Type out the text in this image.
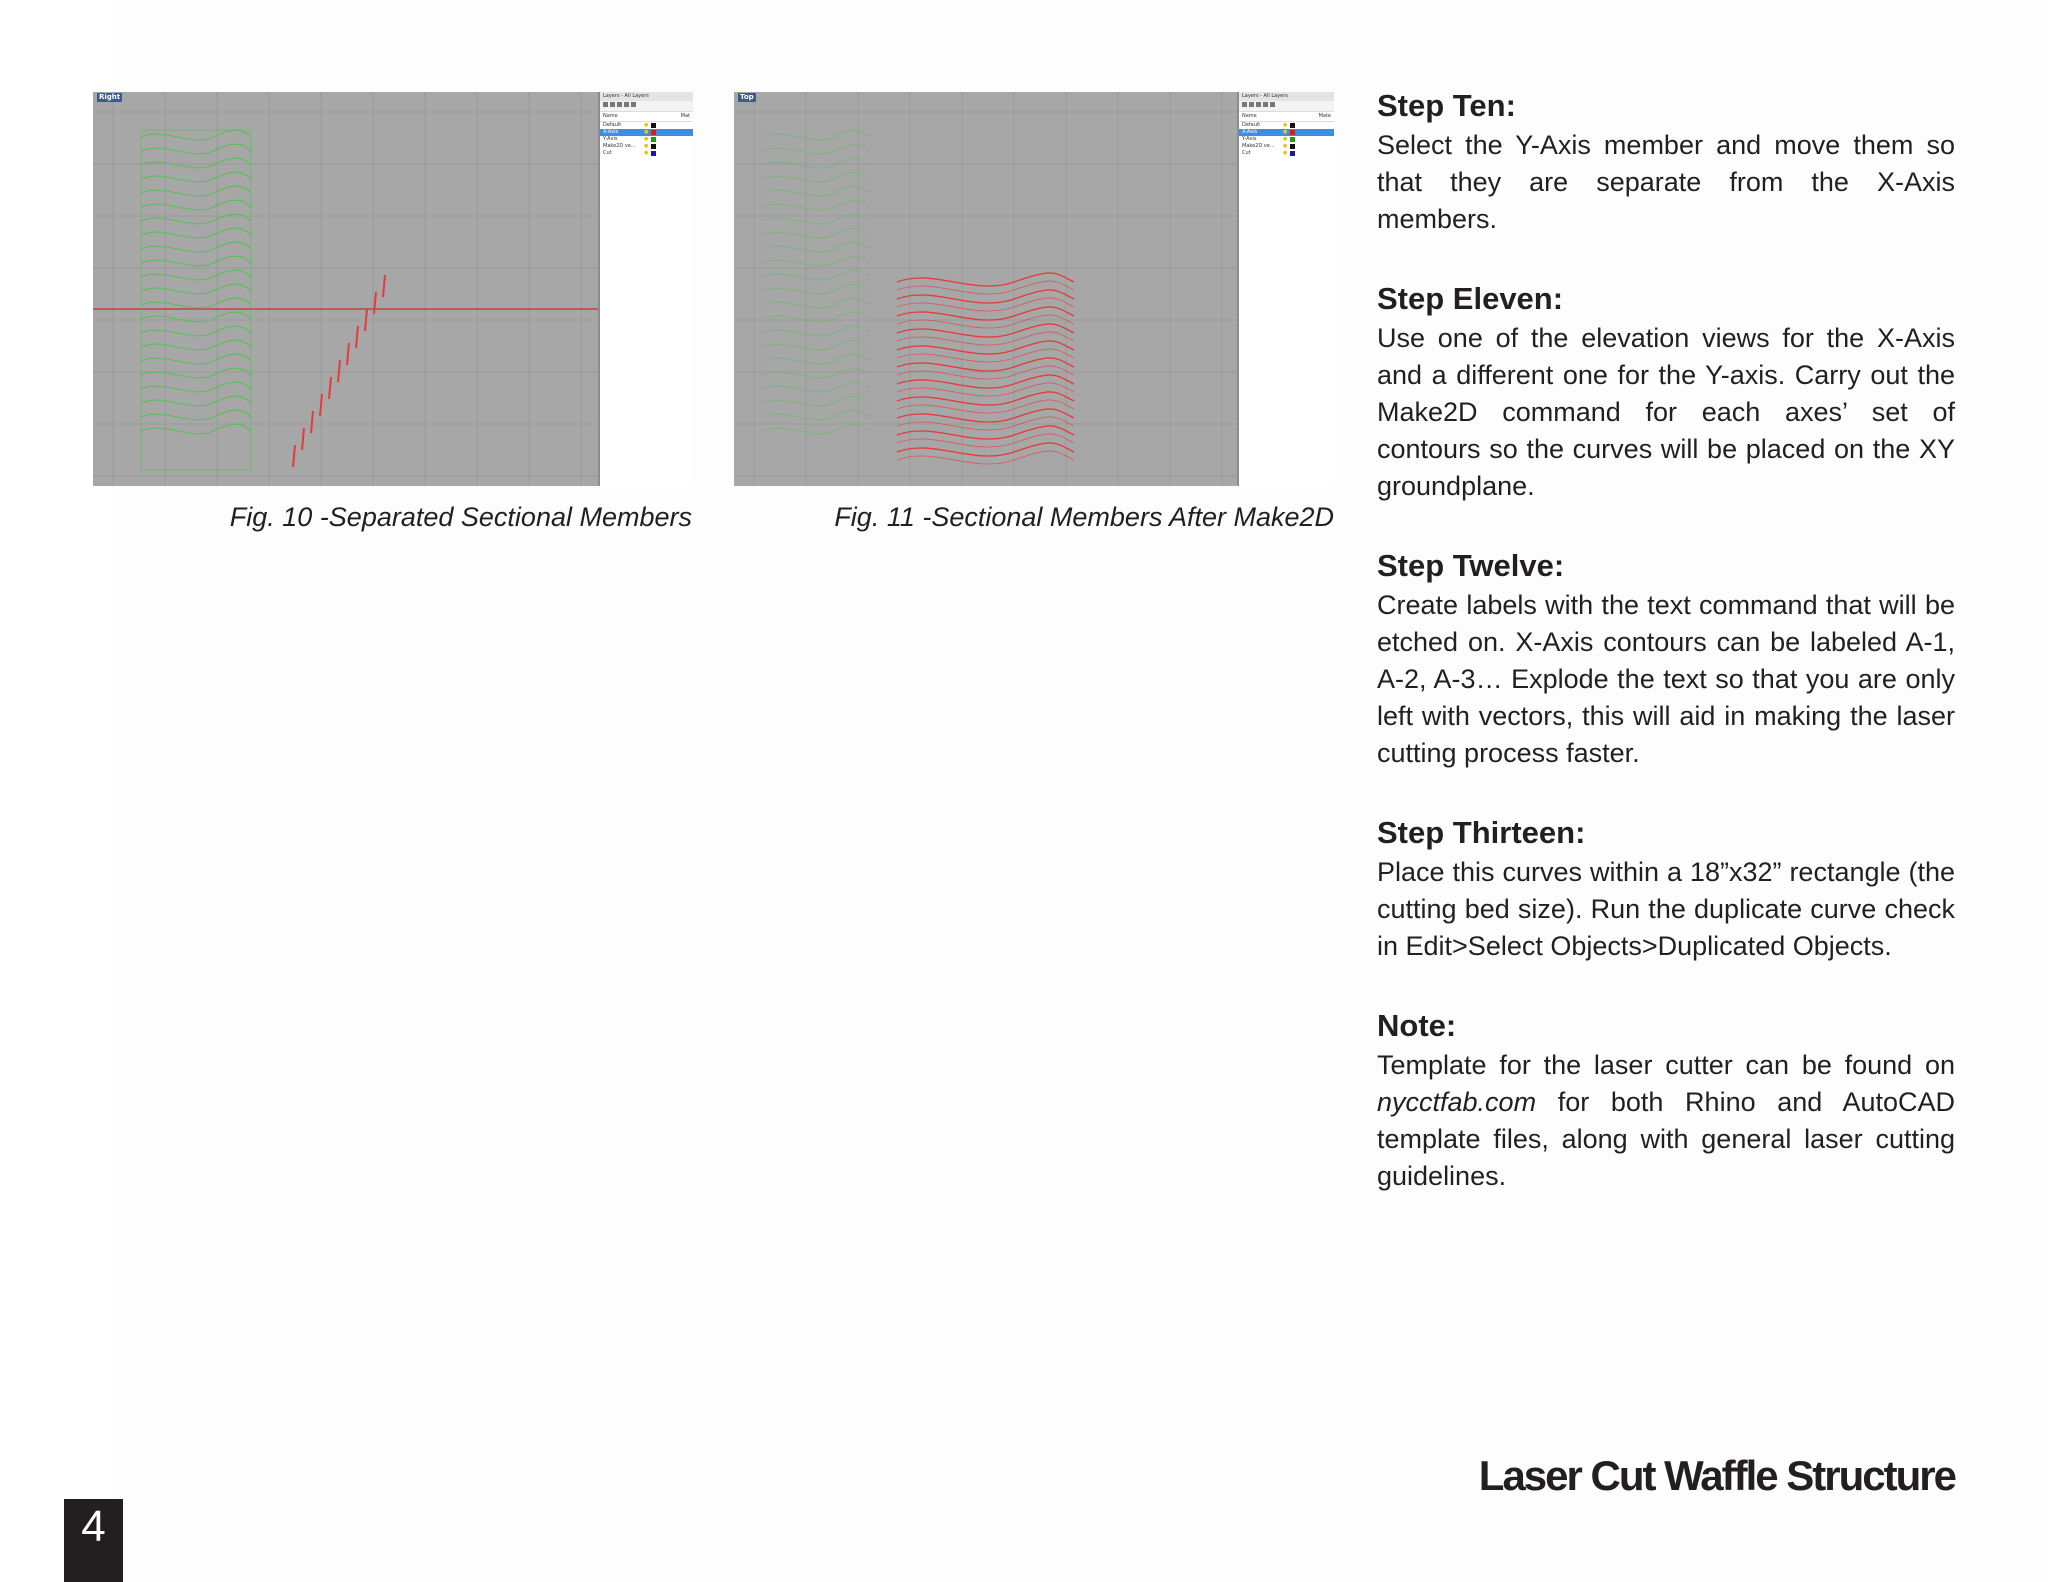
Right	Layers - All Layers
Name	Mat
Default	●
X-Axis	●
Y-Axis	●
Make2D ve...	●
Cut	●
Fig. 10 -Separated Sectional Members
Top	Layers - All Layers
Name	Mate
Default	●
X-Axis	●
Y-Axis	●
Make2D ve...	●
Cut	●
Fig. 11 -Sectional Members After Make2D
Step Ten:

Select the Y-Axis member and move them so that they are separate from the X-Axis members.

Step Eleven:

Use one of the elevation views for the X-Axis and a different one for the Y-axis. Carry out the Make2D command for each axes’ set of contours so the curves will be placed on the XY groundplane.

Step Twelve:

Create labels with the text command that will be etched on. X-Axis contours can be labeled A-1, A-2, A-3… Explode the text so that you are only left with vectors, this will aid in making the laser cutting process faster.

Step Thirteen:

Place this curves within a 18”x32” rectangle (the cutting bed size). Run the duplicate curve check in Edit>Select Objects>Duplicated Objects.

Note:

Template for the laser cutter can be found on nycctfab.com for both Rhino and AutoCAD template files, along with general laser cutting guidelines.

Laser Cut Waffle Structure
4
